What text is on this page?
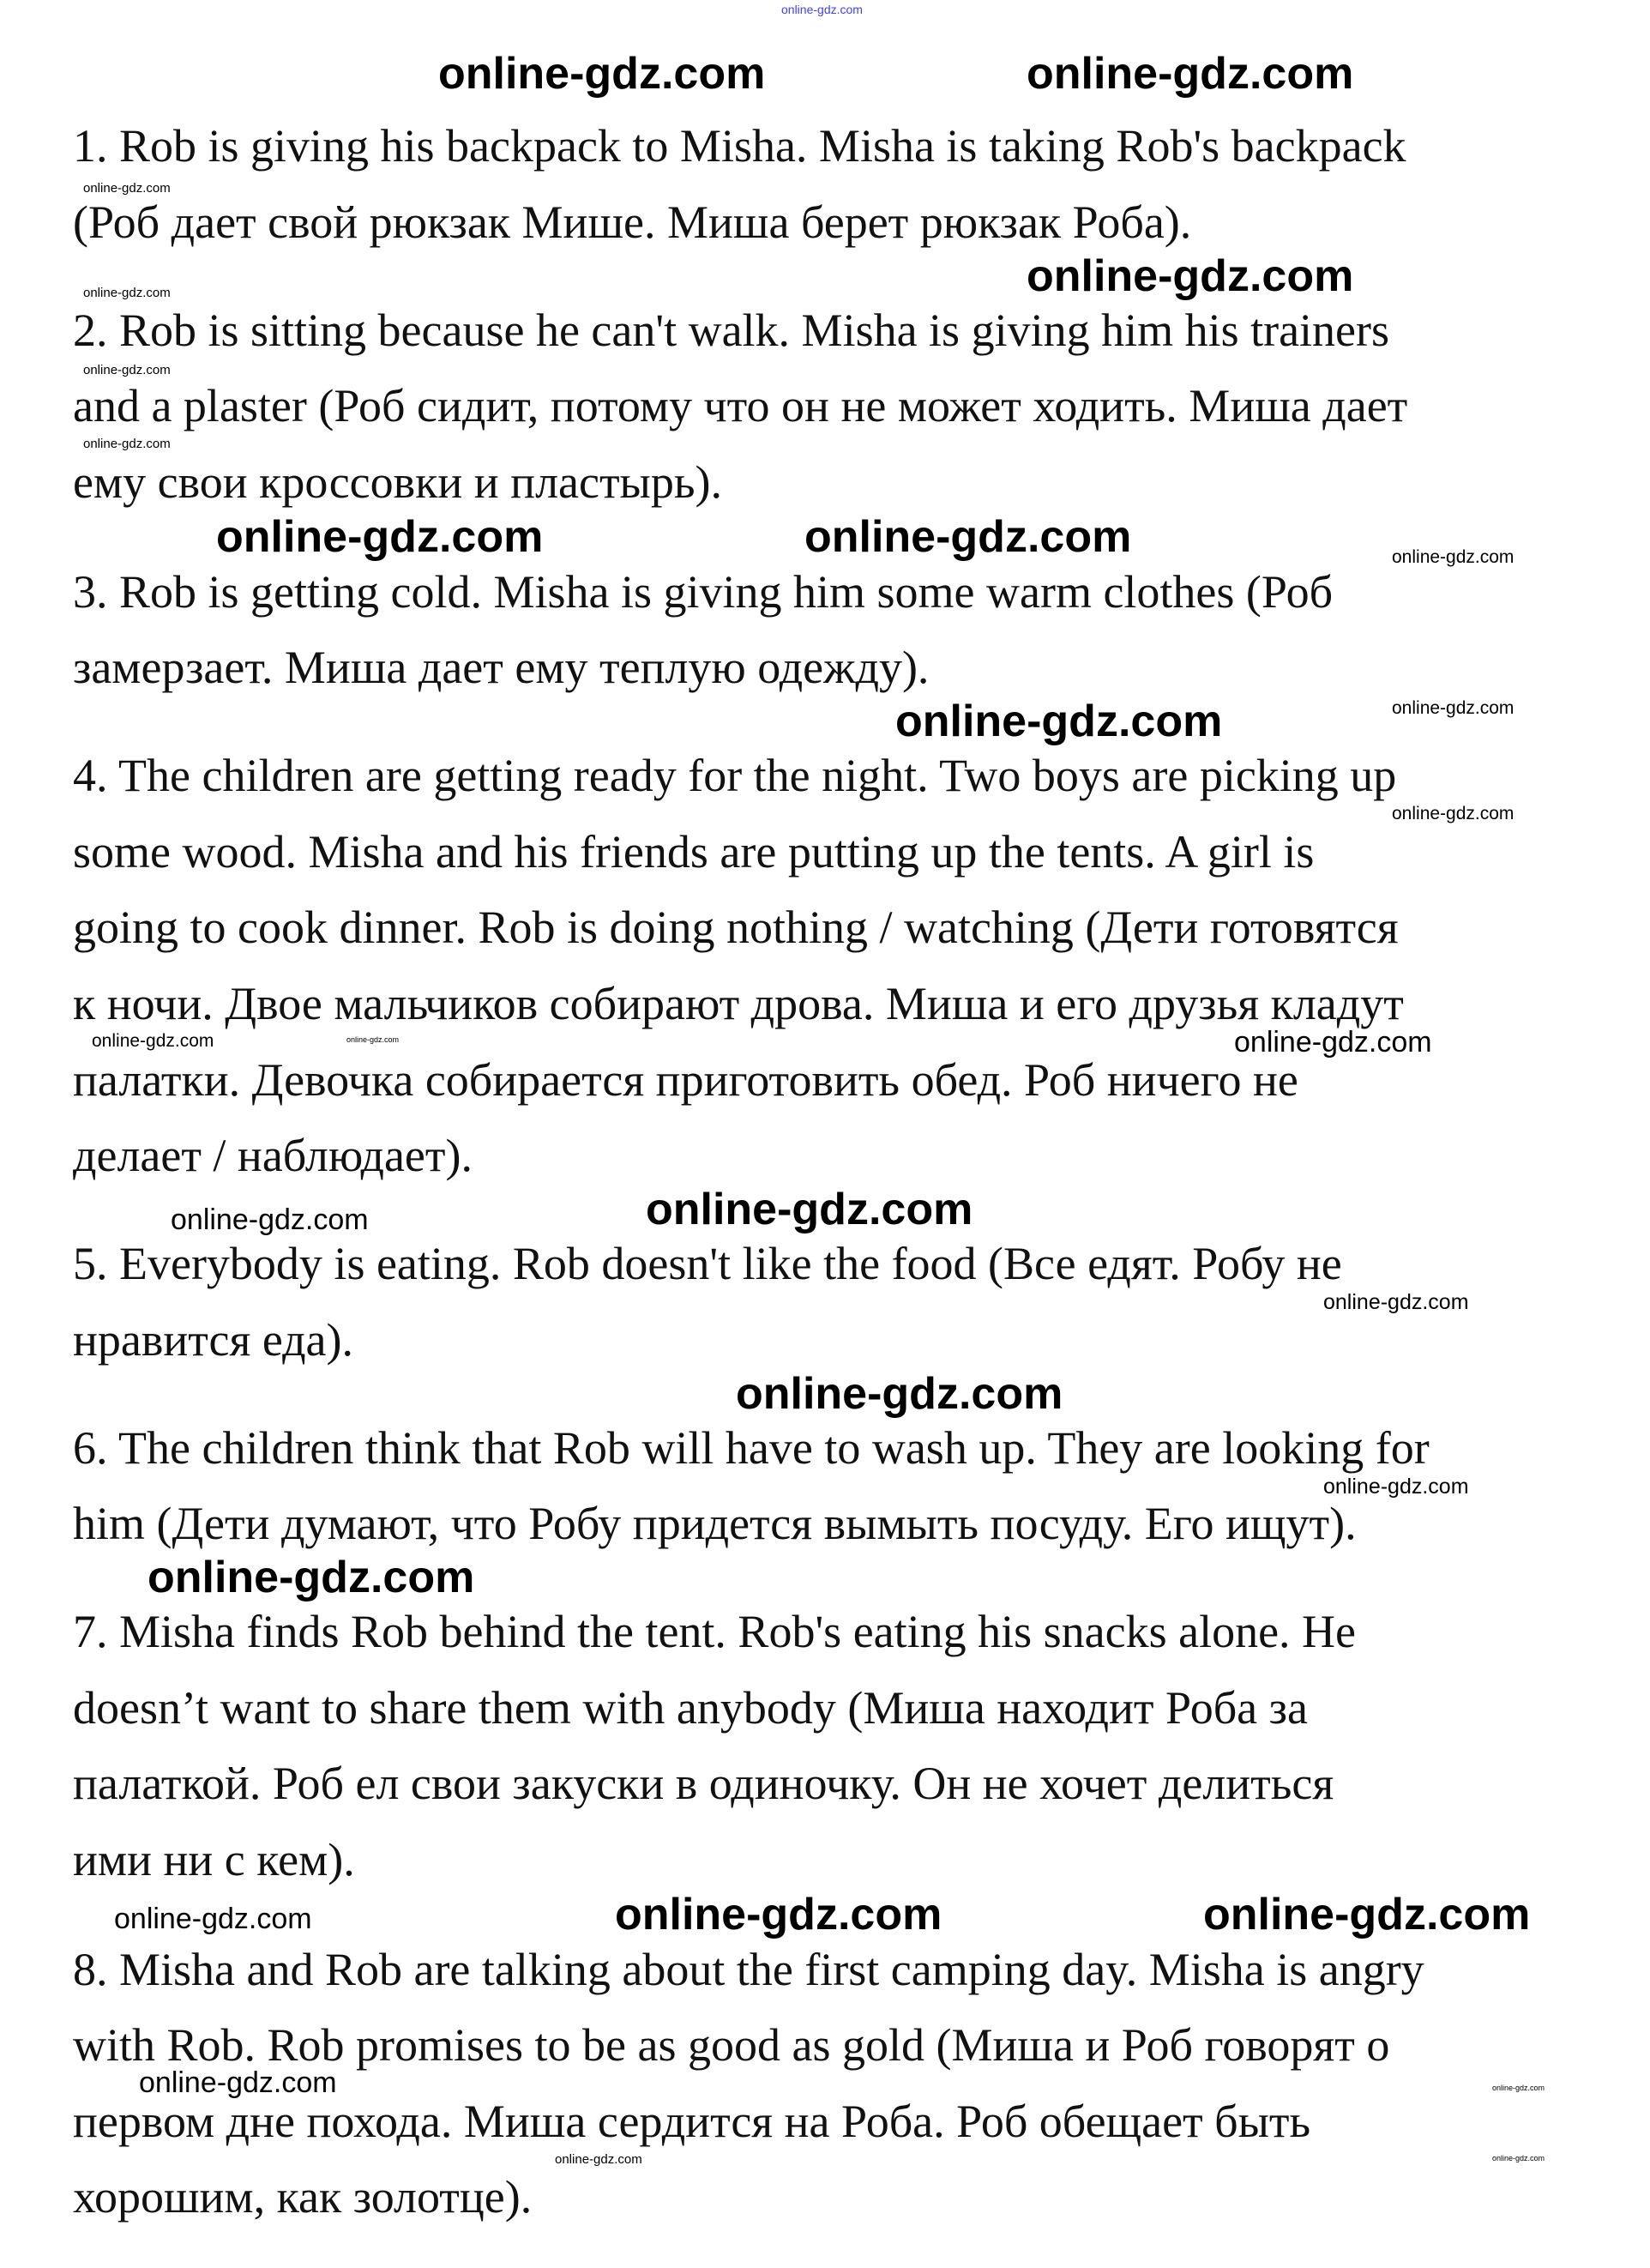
online-gdz.com
1. Rob is giving his backpack to Misha. Misha is taking Rob's backpack
(Роб дает свой рюкзак Мише. Миша берет рюкзак Роба).
2. Rob is sitting because he can't walk. Misha is giving him his trainers
and a plaster (Роб сидит, потому что он не может ходить. Миша дает
ему свои кроссовки и пластырь).
3. Rob is getting cold. Misha is giving him some warm clothes (Роб
замерзает. Миша дает ему теплую одежду).
4. The children are getting ready for the night. Two boys are picking up
some wood. Misha and his friends are putting up the tents. A girl is
going to cook dinner. Rob is doing nothing / watching (Дети готовятся
к ночи. Двое мальчиков собирают дрова. Миша и его друзья кладут
палатки. Девочка собирается приготовить обед. Роб ничего не
делает / наблюдает).
5. Everybody is eating. Rob doesn't like the food (Все едят. Робу не
нравится еда).
6. The children think that Rob will have to wash up. They are looking for
him (Дети думают, что Робу придется вымыть посуду. Его ищут).
7. Misha finds Rob behind the tent. Rob's eating his snacks alone. He
doesn’t want to share them with anybody (Миша находит Роба за
палаткой. Роб ел свои закуски в одиночку. Он не хочет делиться
ими ни с кем).
8. Misha and Rob are talking about the first camping day. Misha is angry
with Rob. Rob promises to be as good as gold (Миша и Роб говорят о
первом дне похода. Миша сердится на Роба. Роб обещает быть
хорошим, как золотце).
online-gdz.com
online-gdz.com
online-gdz.com
online-gdz.com	online-gdz.com
online-gdz.com
online-gdz.com
online-gdz.com
online-gdz.com
online-gdz.com
online-gdz.com
online-gdz.com
online-gdz.com
online-gdz.com
online-gdz.com
online-gdz.com
online-gdz.com
online-gdz.com
online-gdz.com
online-gdz.com	online-gdz.com
online-gdz.com
online-gdz.com
online-gdz.com
online-gdz.com
online-gdz.com
online-gdz.com
online-gdz.com
online-gdz.com
